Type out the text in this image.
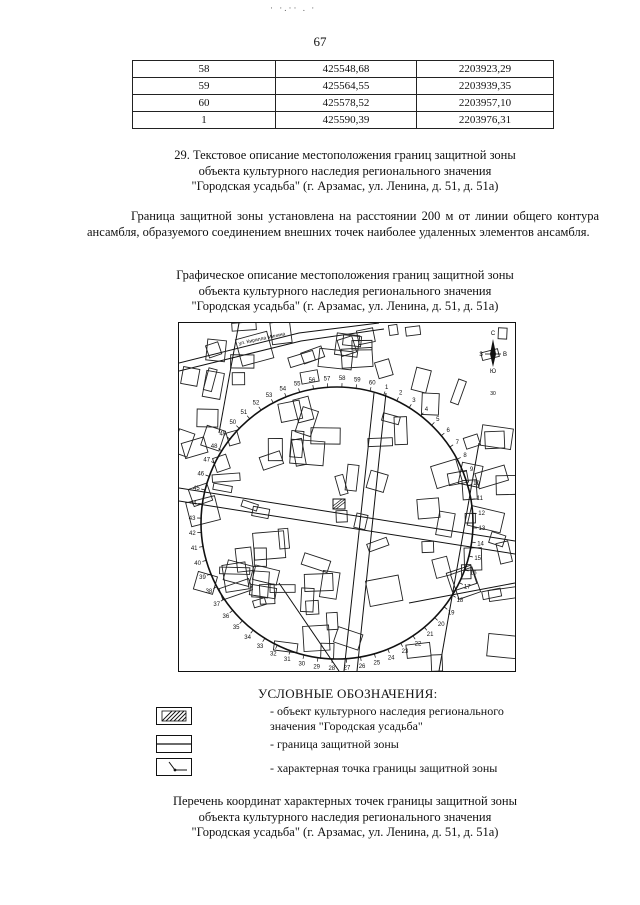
· ·.·· . ·
67
58	425548,68	2203923,29
59	425564,55	2203939,35
60	425578,52	2203957,10
1	425590,39	2203976,31
29. Текстовое описание местоположения границ защитной зоны
объекта культурного наследия регионального значения
"Городская усадьба" (г. Арзамас, ул. Ленина, д. 51, д. 51а)
Граница защитной зоны установлена на расстоянии 200 м от линии общего контура ансамбля, образуемого соединением внешних точек наиболее удаленных элементов ансамбля.
Графическое описание местоположения границ защитной зоны
объекта культурного наследия регионального значения
"Городская усадьба" (г. Арзамас, ул. Ленина, д. 51, д. 51а)
1
2
3
4
5
6
7
8
9
10
11
12
13
14
15
16
17
18
19
20
21
22
23
24
25
26
27
28
29
30
31
32
33
34
35
36
37
38
39
40
41
42
43
44
45
46
47
48
49
50
51
52
53
54
55
56 57 58 59 60
ул. Кирилла Минина	С
Ю
З	В
30
УСЛОВНЫЕ ОБОЗНАЧЕНИЯ:
- объект культурного наследия регионального
значения "Городская усадьба"
- граница защитной зоны
- характерная точка границы защитной зоны
Перечень координат характерных точек границы защитной зоны
объекта культурного наследия регионального значения
"Городская усадьба" (г. Арзамас, ул. Ленина, д. 51, д. 51а)
